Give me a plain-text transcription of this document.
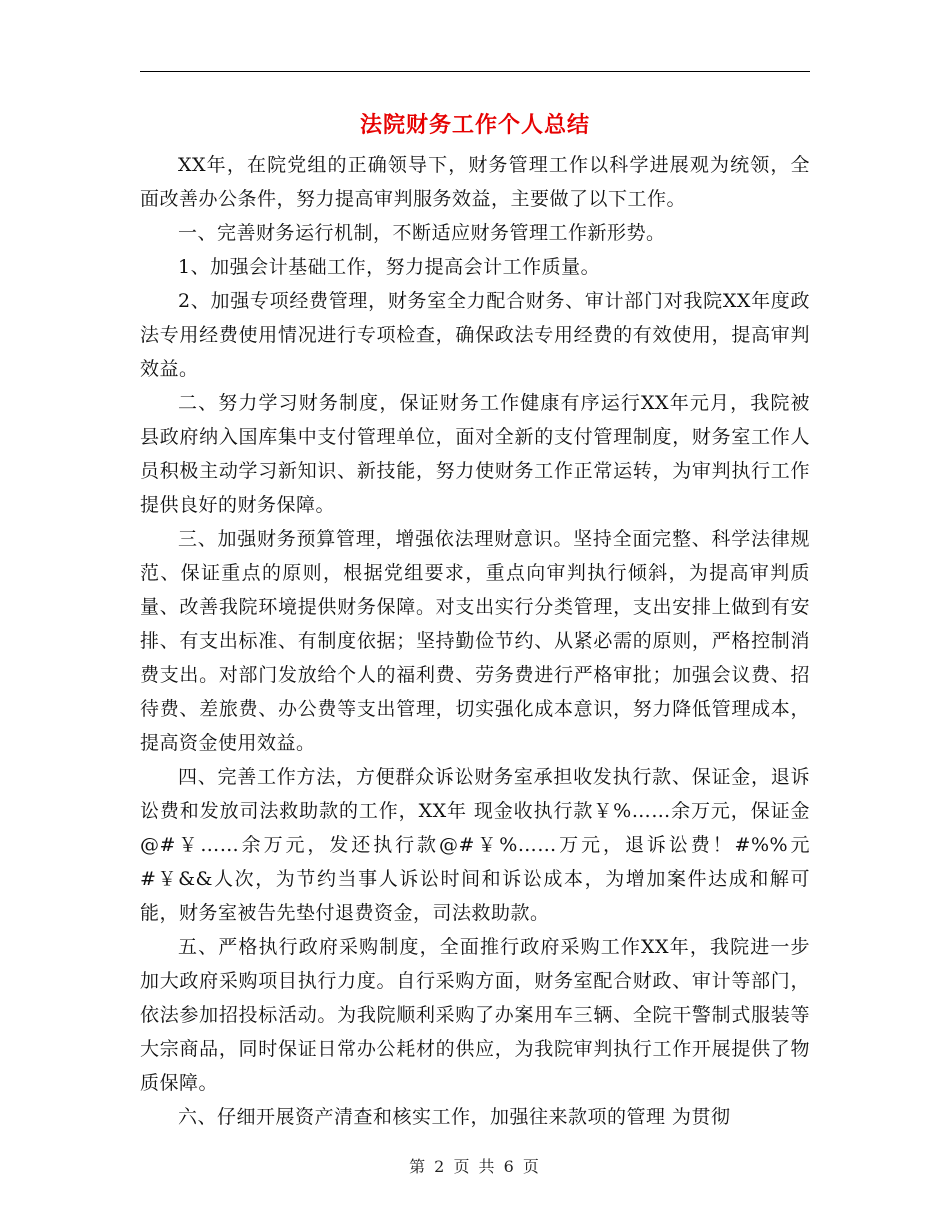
法院财务工作个人总结

XX年，在院党组的正确领导下，财务管理工作以科学进展观为统领，全面改善办公条件，努力提高审判服务效益，主要做了以下工作。

一、完善财务运行机制，不断适应财务管理工作新形势。

1、加强会计基础工作，努力提高会计工作质量。

2、加强专项经费管理，财务室全力配合财务、审计部门对我院XX年度政法专用经费使用情况进行专项检查，确保政法专用经费的有效使用，提高审判效益。

二、努力学习财务制度，保证财务工作健康有序运行XX年元月，我院被县政府纳入国库集中支付管理单位，面对全新的支付管理制度，财务室工作人员积极主动学习新知识、新技能，努力使财务工作正常运转，为审判执行工作提供良好的财务保障。

三、加强财务预算管理，增强依法理财意识。坚持全面完整、科学法律规范、保证重点的原则，根据党组要求，重点向审判执行倾斜，为提高审判质量、改善我院环境提供财务保障。对支出实行分类管理，支出安排上做到有安排、有支出标准、有制度依据；坚持勤俭节约、从紧必需的原则，严格控制消费支出。对部门发放给个人的福利费、劳务费进行严格审批；加强会议费、招待费、差旅费、办公费等支出管理，切实强化成本意识，努力降低管理成本，提高资金使用效益。

四、完善工作方法，方便群众诉讼财务室承担收发执行款、保证金，退诉讼费和发放司法救助款的工作，XX年 现金收执行款￥%……余万元，保证金@#￥……余万元，发还执行款@#￥%……万元，退诉讼费！#%%元#￥&&人次，为节约当事人诉讼时间和诉讼成本，为增加案件达成和解可能，财务室被告先垫付退费资金，司法救助款。

五、严格执行政府采购制度，全面推行政府采购工作XX年，我院进一步加大政府采购项目执行力度。自行采购方面，财务室配合财政、审计等部门，依法参加招投标活动。为我院顺利采购了办案用车三辆、全院干警制式服装等大宗商品，同时保证日常办公耗材的供应，为我院审判执行工作开展提供了物质保障。

六、仔细开展资产清查和核实工作，加强往来款项的管理 为贯彻

第 2 页 共 6 页
